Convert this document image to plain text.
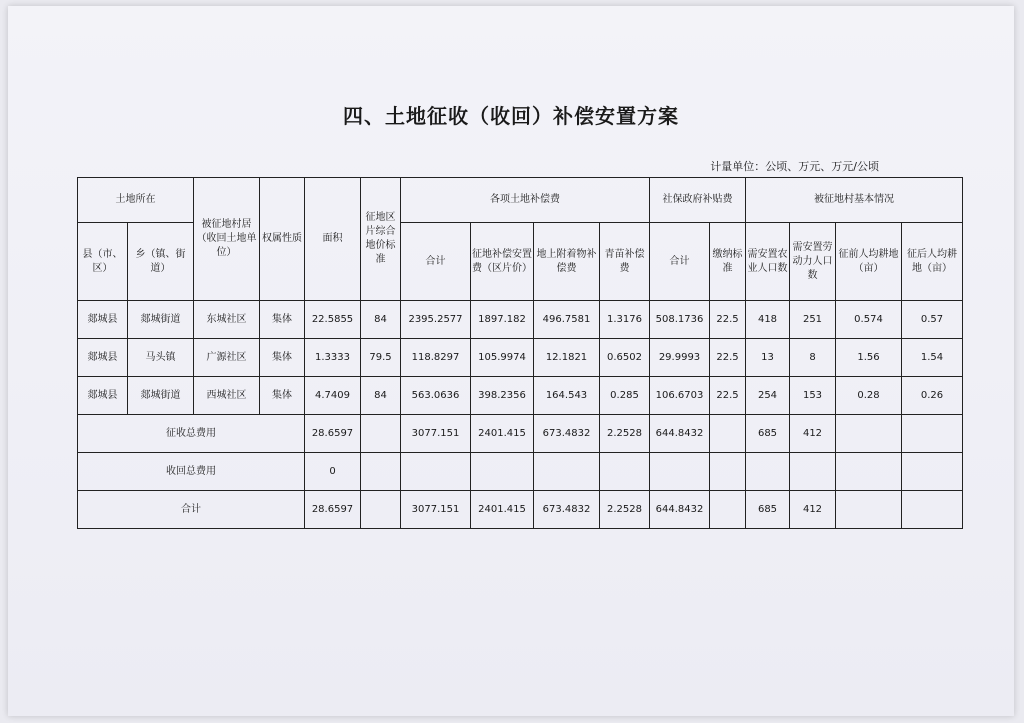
四、土地征收（收回）补偿安置方案
计量单位：公顷、万元、万元/公顷
土地所在		被征地村居（收回土地单位）	权属性质	面积	征地区片综合地价标准	各项土地补偿费				社保政府补贴费		被征地村基本情况			
县（市、区）	乡（镇、街道）					合计	征地补偿安置费（区片价）	地上附着物补偿费	青苗补偿费	合计	缴纳标准	需安置农业人口数	需安置劳动力人口数	征前人均耕地（亩）	征后人均耕地（亩）
郯城县	郯城街道	东城社区	集体	22.5855	84	2395.2577	1897.182	496.7581	1.3176	508.1736	22.5	418	251	0.574	0.57
郯城县	马头镇	广源社区	集体	1.3333	79.5	118.8297	105.9974	12.1821	0.6502	29.9993	22.5	13	8	1.56	1.54
郯城县	郯城街道	西城社区	集体	4.7409	84	563.0636	398.2356	164.543	0.285	106.6703	22.5	254	153	0.28	0.26
征收总费用				28.6597		3077.151	2401.415	673.4832	2.2528	644.8432		685	412		
收回总费用				0											
合计				28.6597		3077.151	2401.415	673.4832	2.2528	644.8432		685	412		
